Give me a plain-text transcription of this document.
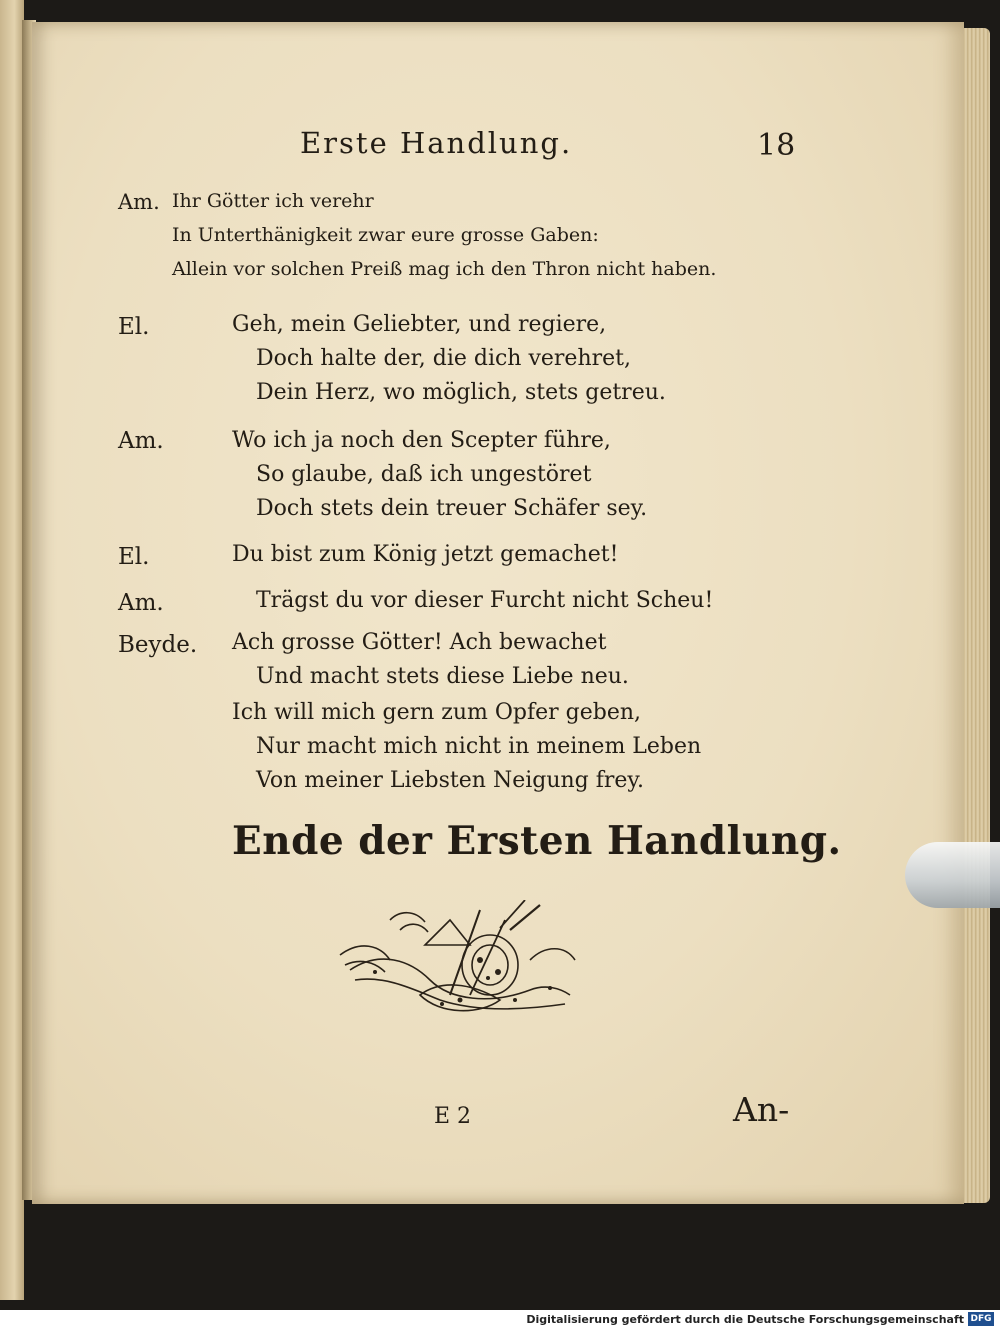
Erste Handlung.	18
Am. Ihr Götter ich verehr
In Unterthänigkeit zwar eure grosse Gaben:
Allein vor solchen Preiß mag ich den Thron nicht haben.
El.	Geh, mein Geliebter, und regiere,
Doch halte der, die dich verehret,
Dein Herz, wo möglich, stets getreu.
Am.	Wo ich ja noch den Scepter führe,
So glaube, daß ich ungestöret
Doch stets dein treuer Schäfer sey.
El.	Du bist zum König jetzt gemachet!
Am.	Trägst du vor dieser Furcht nicht Scheu!
Beyde. Ach grosse Götter! Ach bewachet
Und macht stets diese Liebe neu.
Ich will mich gern zum Opfer geben,
Nur macht mich nicht in meinem Leben
Von meiner Liebsten Neigung frey.
Ende der Ersten Handlung.
E 2	An-
Digitalisierung gefördert durch die Deutsche Forschungsgemeinschaft DFG
